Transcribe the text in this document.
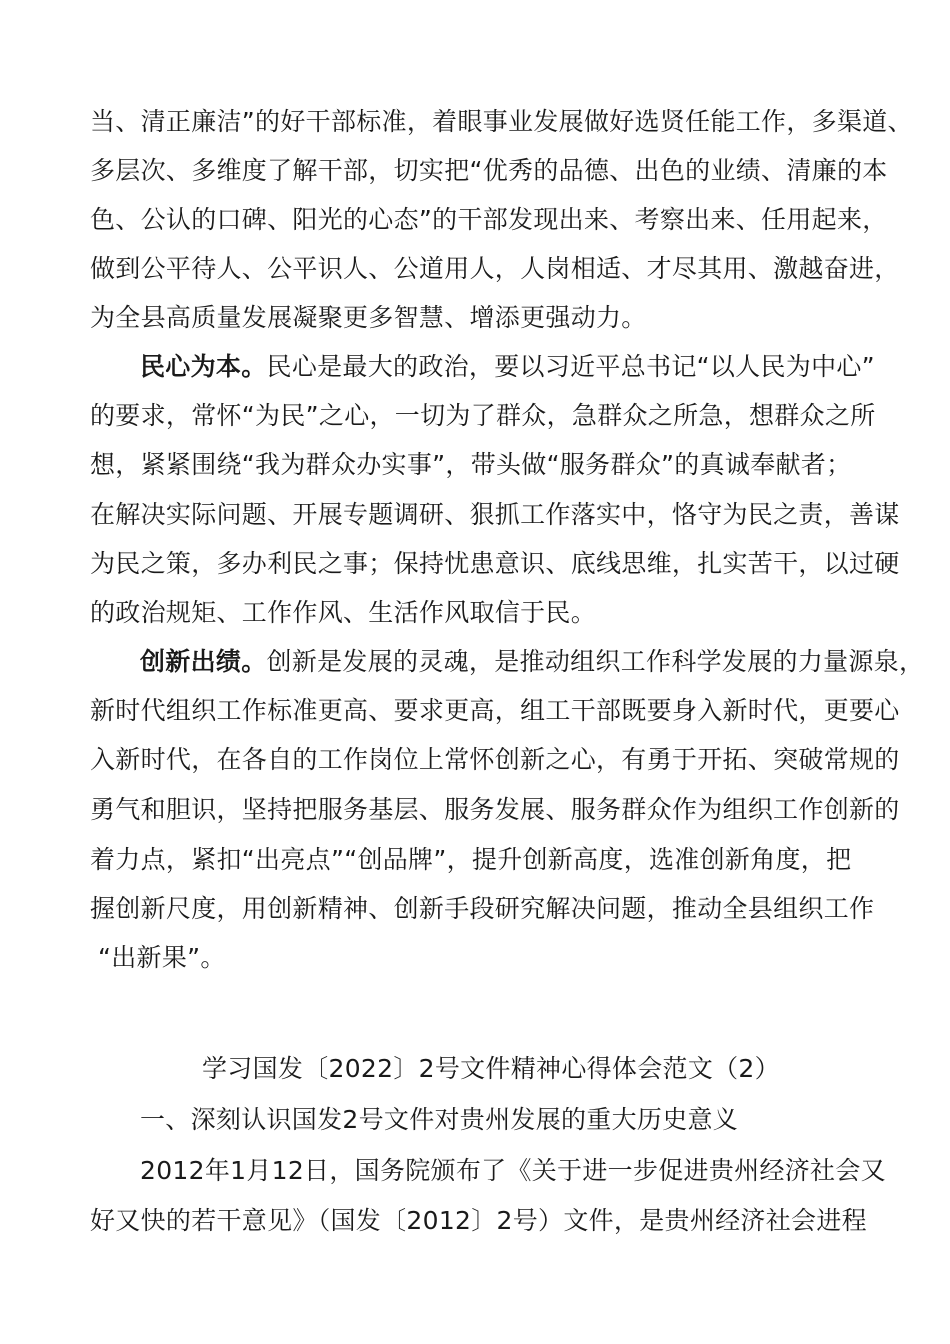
当、清正廉洁”的好干部标准，着眼事业发展做好选贤任能工作，多渠道、
多层次、多维度了解干部，切实把“优秀的品德、出色的业绩、清廉的本
色、公认的口碑、阳光的心态”的干部发现出来、考察出来、任用起来，
做到公平待人、公平识人、公道用人，人岗相适、才尽其用、激越奋进，
为全县高质量发展凝聚更多智慧、增添更强动力。
民心为本。民心是最大的政治，要以习近平总书记“以人民为中心”
的要求，常怀“为民”之心，一切为了群众，急群众之所急，想群众之所
想，紧紧围绕“我为群众办实事”，带头做“服务群众”的真诚奉献者；
在解决实际问题、开展专题调研、狠抓工作落实中，恪守为民之责，善谋
为民之策，多办利民之事；保持忧患意识、底线思维，扎实苦干，以过硬
的政治规矩、工作作风、生活作风取信于民。
创新出绩。创新是发展的灵魂，是推动组织工作科学发展的力量源泉，
新时代组织工作标准更高、要求更高，组工干部既要身入新时代，更要心
入新时代，在各自的工作岗位上常怀创新之心，有勇于开拓、突破常规的
勇气和胆识，坚持把服务基层、服务发展、服务群众作为组织工作创新的
着力点，紧扣“出亮点”“创品牌”，提升创新高度，选准创新角度，把
握创新尺度，用创新精神、创新手段研究解决问题，推动全县组织工作
“出新果”。
学习国发〔2022〕2号文件精神心得体会范文（2）
一、深刻认识国发2号文件对贵州发展的重大历史意义
2012年1月12日，国务院颁布了《关于进一步促进贵州经济社会又
好又快的若干意见》（国发〔2012〕2号）文件，是贵州经济社会进程
